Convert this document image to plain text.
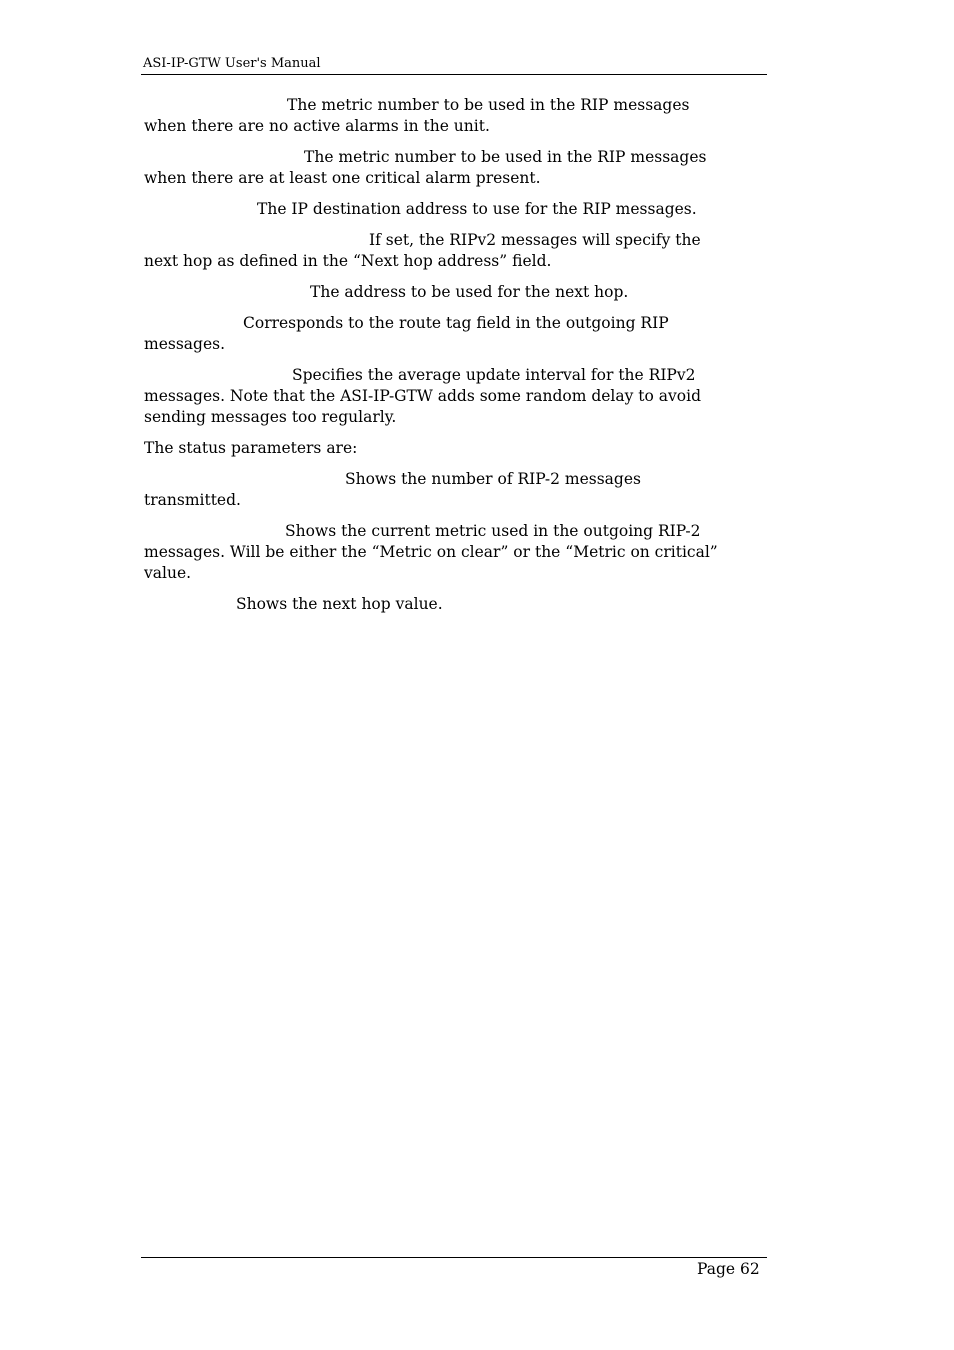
ASI-IP-GTW User's Manual
The metric number to be used in the RIP messages
when there are no active alarms in the unit.
The metric number to be used in the RIP messages
when there are at least one critical alarm present.
The IP destination address to use for the RIP messages.
If set, the RIPv2 messages will specify the
next hop as defined in the “Next hop address” field.
The address to be used for the next hop.
Corresponds to the route tag field in the outgoing RIP
messages.
Specifies the average update interval for the RIPv2
messages. Note that the ASI-IP-GTW adds some random delay to avoid
sending messages too regularly.
The status parameters are:
Shows the number of RIP-2 messages
transmitted.
Shows the current metric used in the outgoing RIP-2
messages. Will be either the “Metric on clear” or the “Metric on critical”
value.
Shows the next hop value.
Page 62
